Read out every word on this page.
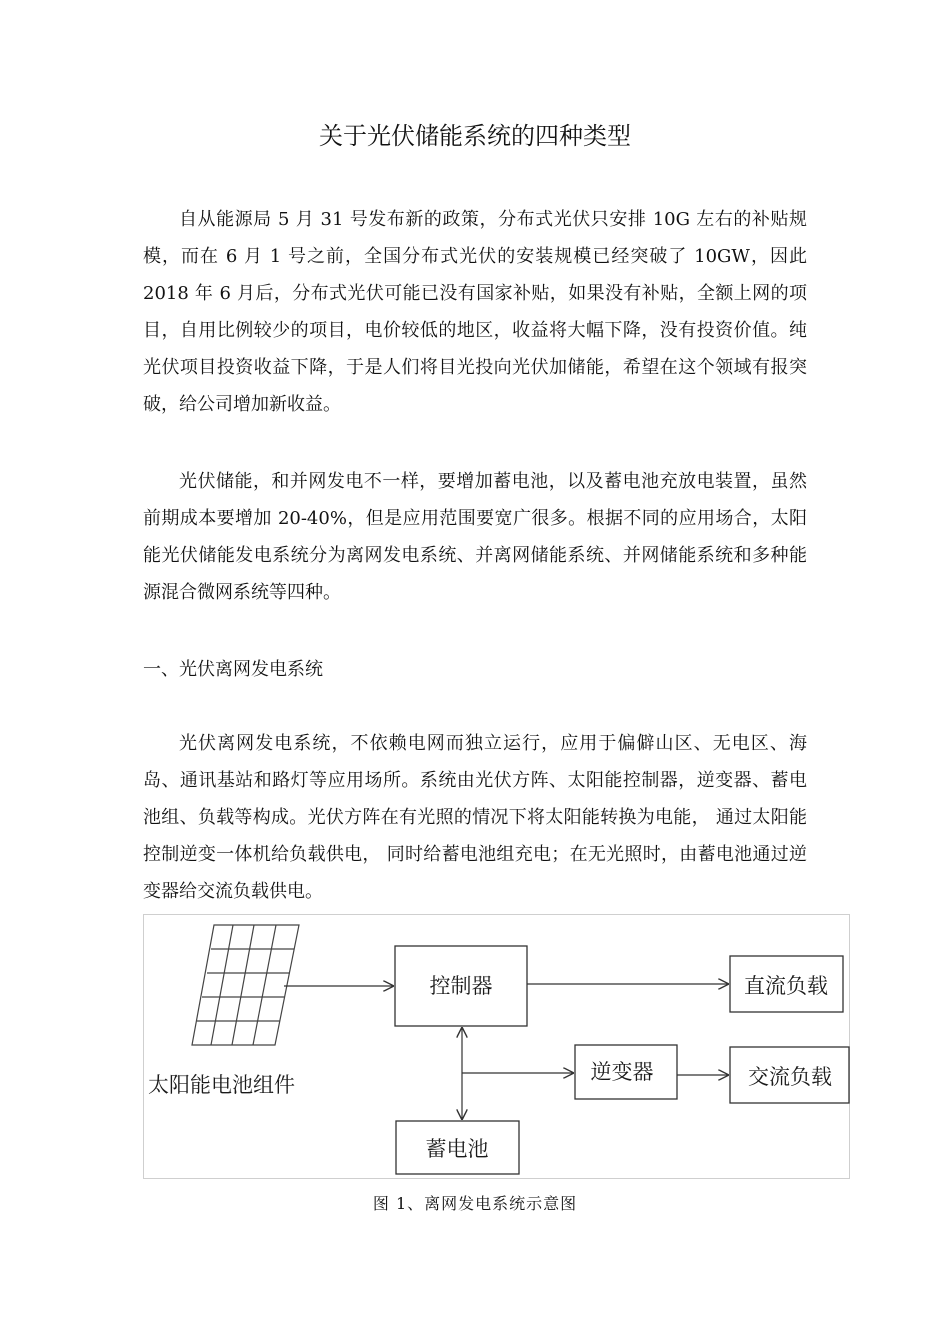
关于光伏储能系统的四种类型

自从能源局 5 月 31 号发布新的政策，分布式光伏只安排 10G 左右的补贴规模，而在 6 月 1 号之前，全国分布式光伏的安装规模已经突破了 10GW，因此 2018 年 6 月后，分布式光伏可能已没有国家补贴，如果没有补贴，全额上网的项目，自用比例较少的项目，电价较低的地区，收益将大幅下降，没有投资价值。纯光伏项目投资收益下降，于是人们将目光投向光伏加储能，希望在这个领域有报突破，给公司增加新收益。

光伏储能，和并网发电不一样，要增加蓄电池，以及蓄电池充放电装置，虽然前期成本要增加 20-40%，但是应用范围要宽广很多。根据不同的应用场合，太阳能光伏储能发电系统分为离网发电系统、并离网储能系统、并网储能系统和多种能源混合微网系统等四种。

一、光伏离网发电系统

光伏离网发电系统，不依赖电网而独立运行，应用于偏僻山区、无电区、海岛、通讯基站和路灯等应用场所。系统由光伏方阵、太阳能控制器，逆变器、蓄电池组、负载等构成。光伏方阵在有光照的情况下将太阳能转换为电能， 通过太阳能控制逆变一体机给负载供电， 同时给蓄电池组充电；在无光照时，由蓄电池通过逆变器给交流负载供电。

太阳能电池组件
控制器	直流负载
逆变器	交流负载
蓄电池
图 1、离网发电系统示意图
